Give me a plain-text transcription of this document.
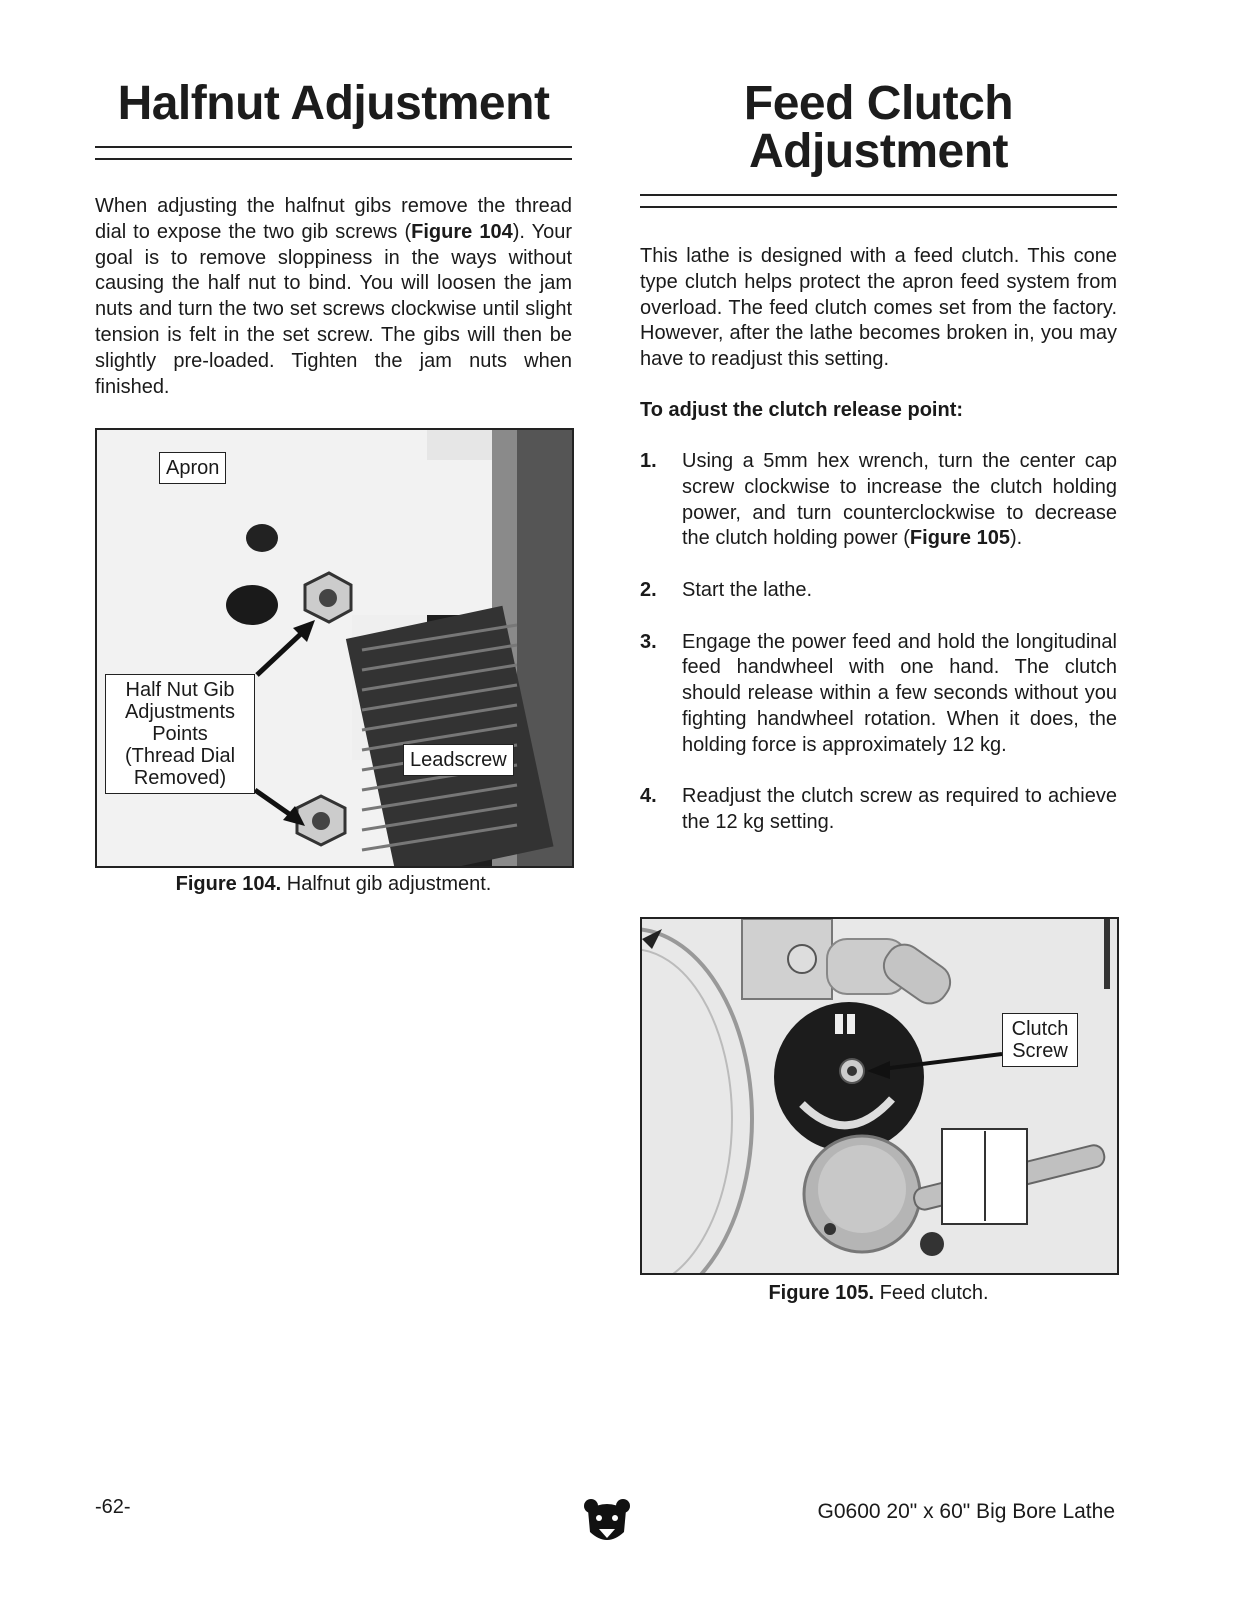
Halfnut Adjustment

When adjusting the halfnut gibs remove the thread dial to expose the two gib screws (Figure 104). Your goal is to remove sloppiness in the ways without causing the half nut to bind. You will loosen the jam nuts and turn the two set screws clockwise until slight tension is felt in the set screw. The gibs will then be slightly pre-loaded. Tighten the jam nuts when finished.

Apron
Half Nut Gib
Adjustments
Points
(Thread Dial
Removed)
Leadscrew
Figure 104. Halfnut gib adjustment.
Feed Clutch
Adjustment

This lathe is designed with a feed clutch. This cone type clutch helps protect the apron feed system from overload. The feed clutch comes set from the factory. However, after the lathe becomes broken in, you may have to readjust this setting.

To adjust the clutch release point:

1. Using a 5mm hex wrench, turn the center cap screw clockwise to increase the clutch holding power, and turn counterclockwise to decrease the clutch holding power (Figure 105).
2. Start the lathe.
3. Engage the power feed and hold the longitudinal feed handwheel with one hand. The clutch should release within a few seconds without you fighting handwheel rotation. When it does, the holding force is approximately 12 kg.
4. Readjust the clutch screw as required to achieve the 12 kg setting.
Clutch
Screw
Figure 105. Feed clutch.
-62-	G0600 20" x 60" Big Bore Lathe
